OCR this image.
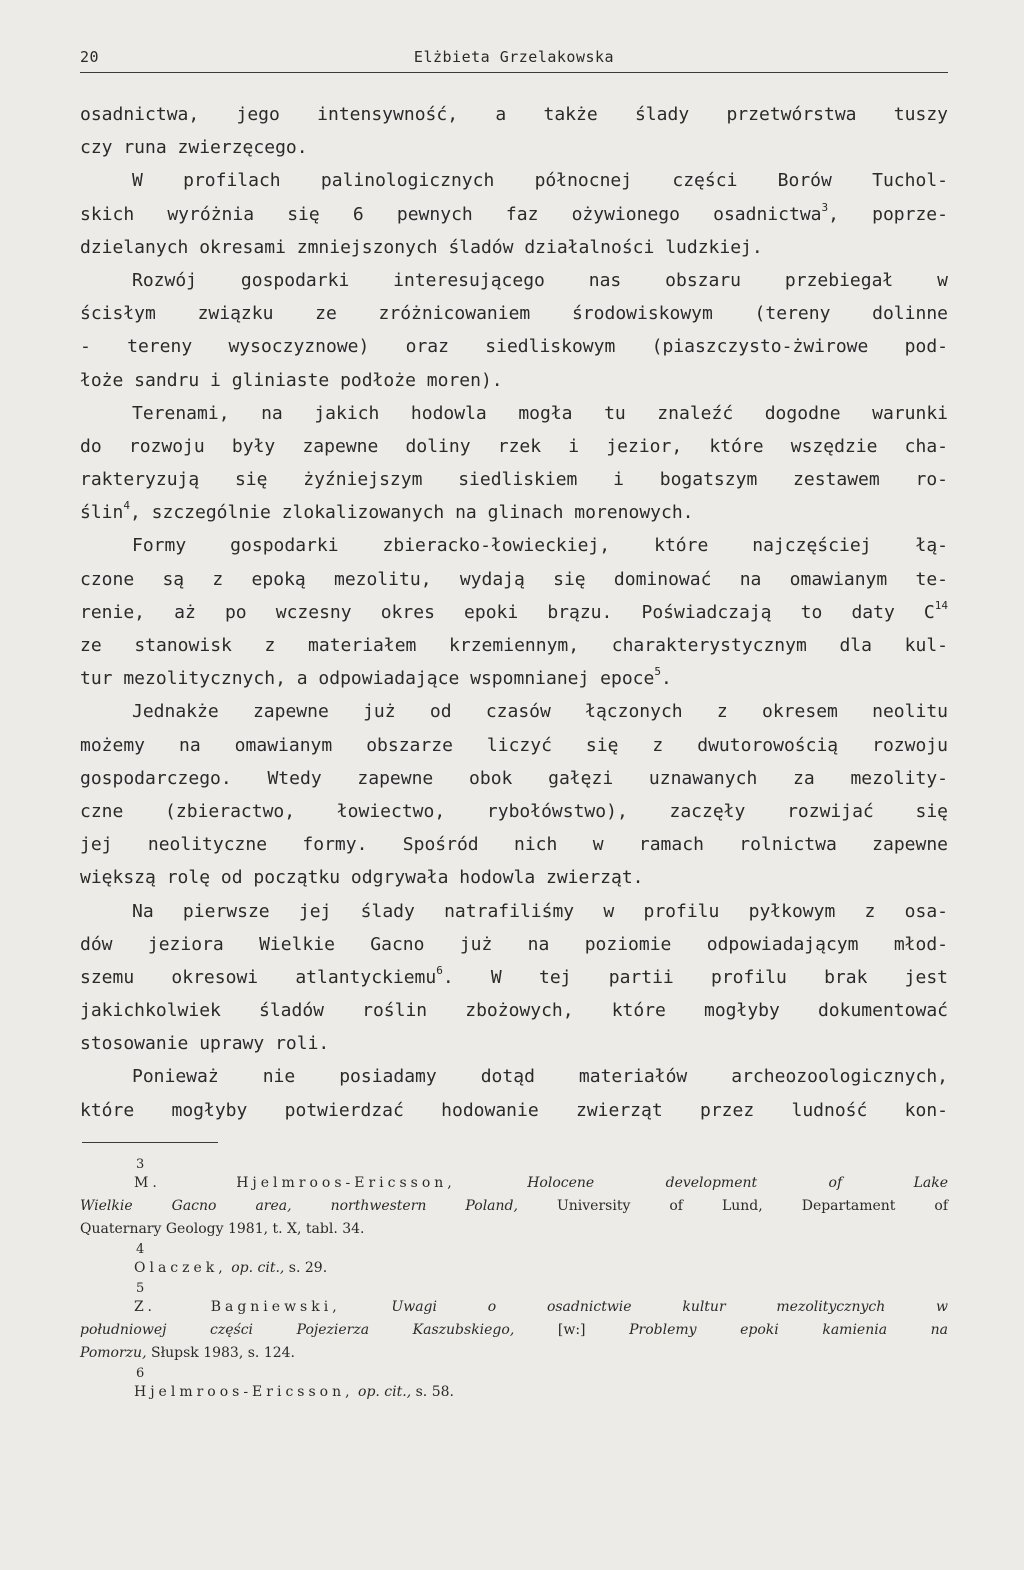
20	Elżbieta Grzelakowska
osadnictwa, jego intensywność, a także ślady przetwórstwa tuszy
czy runa zwierzęcego.
W profilach palinologicznych północnej części Borów Tuchol-
skich wyróżnia się 6 pewnych faz ożywionego osadnictwa$^3$, poprze-
dzielanych okresami zmniejszonych śladów działalności ludzkiej.
Rozwój gospodarki interesującego nas obszaru przebiegał w
ścisłym związku ze zróżnicowaniem środowiskowym (tereny dolinne
- tereny wysoczyznowe) oraz siedliskowym (piaszczysto-żwirowe pod-
łoże sandru i gliniaste podłoże moren).
Terenami, na jakich hodowla mogła tu znaleźć dogodne warunki
do rozwoju były zapewne doliny rzek i jezior, które wszędzie cha-
rakteryzują się żyźniejszym siedliskiem i bogatszym zestawem ro-
ślin$^4$, szczególnie zlokalizowanych na glinach morenowych.
Formy gospodarki zbieracko-łowieckiej, które najczęściej łą-
czone są z epoką mezolitu, wydają się dominować na omawianym te-
renie, aż po wczesny okres epoki brązu. Poświadczają to daty $C^{14}$
ze stanowisk z materiałem krzemiennym, charakterystycznym dla kul-
tur mezolitycznych, a odpowiadające wspomnianej epoce$^5$.
Jednakże zapewne już od czasów łączonych z okresem neolitu
możemy na omawianym obszarze liczyć się z dwutorowością rozwoju
gospodarczego. Wtedy zapewne obok gałęzi uznawanych za mezolity-
czne (zbieractwo, łowiectwo, rybołówstwo), zaczęły rozwijać się
jej neolityczne formy. Spośród nich w ramach rolnictwa zapewne
większą rolę od początku odgrywała hodowla zwierząt.
Na pierwsze jej ślady natrafiliśmy w profilu pyłkowym z osa-
dów jeziora Wielkie Gacno już na poziomie odpowiadającym młod-
szemu okresowi atlantyckiemu$^6$. W tej partii profilu brak jest
jakichkolwiek śladów roślin zbożowych, które mogłyby dokumentować
stosowanie uprawy roli.
Ponieważ nie posiadamy dotąd materiałów archeozoologicznych,
które mogłyby potwierdzać hodowanie zwierząt przez ludność kon-
3
M. Hjelmroos-Ericsson,	Holocene development of Lake
Wielkie Gacno area, northwestern Poland,	University of Lund, Departament of
Quaternary Geology 1981, t. X, tabl. 34.
4
Olaczek, op. cit., s. 29.
5
Z. Bagniewski,	Uwagi o osadnictwie kultur mezolitycznych w
południowej części Pojezierza Kaszubskiego,	[w:]	Problemy epoki kamienia na
Pomorzu, Słupsk 1983, s. 124.
6
Hjelmroos-Ericsson, op. cit., s. 58.
